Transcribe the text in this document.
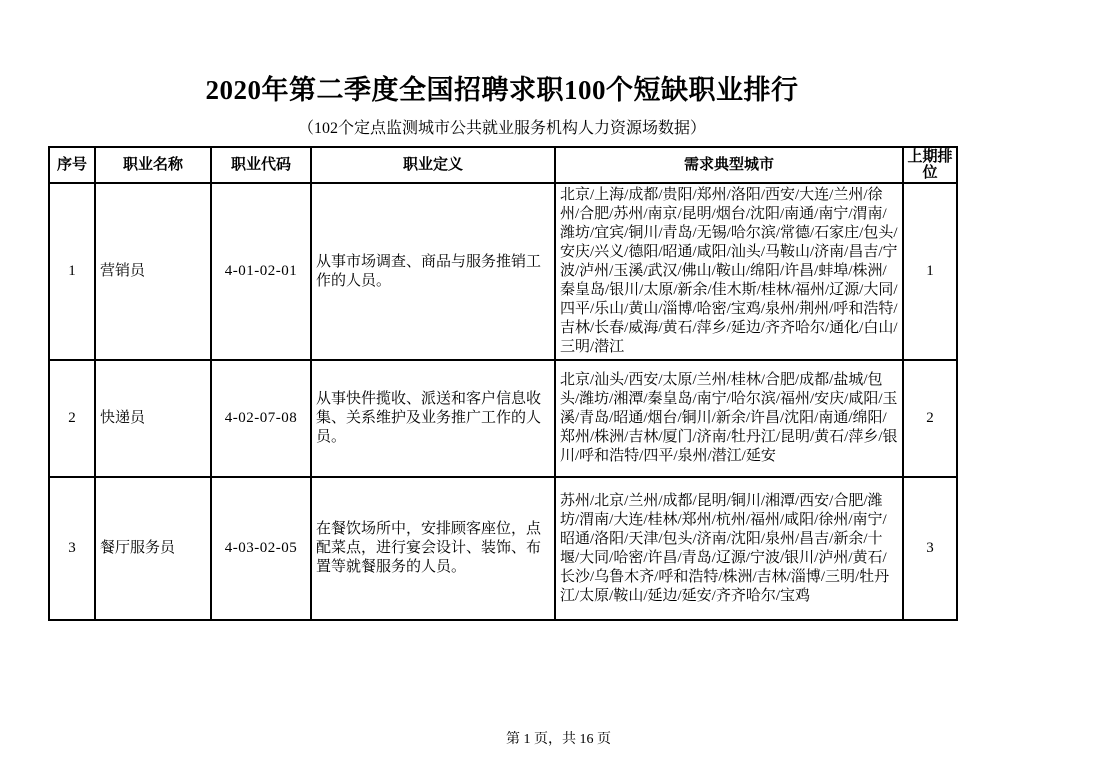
2020年第二季度全国招聘求职100个短缺职业排行
（102个定点监测城市公共就业服务机构人力资源场数据）
序号	职业名称	职业代码	职业定义	需求典型城市	上期排位
1	营销员	4-01-02-01	从事市场调查、商品与服务推销工作的人员。	北京/上海/成都/贵阳/郑州/洛阳/西安/大连/兰州/徐州/合肥/苏州/南京/昆明/烟台/沈阳/南通/南宁/渭南/潍坊/宜宾/铜川/青岛/无锡/哈尔滨/常德/石家庄/包头/安庆/兴义/德阳/昭通/咸阳/汕头/马鞍山/济南/昌吉/宁波/泸州/玉溪/武汉/佛山/鞍山/绵阳/许昌/蚌埠/株洲/秦皇岛/银川/太原/新余/佳木斯/桂林/福州/辽源/大同/四平/乐山/黄山/淄博/哈密/宝鸡/泉州/荆州/呼和浩特/吉林/长春/威海/黄石/萍乡/延边/齐齐哈尔/通化/白山/三明/潜江	1
2	快递员	4-02-07-08	从事快件揽收、派送和客户信息收集、关系维护及业务推广工作的人员。	北京/汕头/西安/太原/兰州/桂林/合肥/成都/盐城/包头/潍坊/湘潭/秦皇岛/南宁/哈尔滨/福州/安庆/咸阳/玉溪/青岛/昭通/烟台/铜川/新余/许昌/沈阳/南通/绵阳/郑州/株洲/吉林/厦门/济南/牡丹江/昆明/黄石/萍乡/银川/呼和浩特/四平/泉州/潜江/延安	2
3	餐厅服务员	4-03-02-05	在餐饮场所中，安排顾客座位，点配菜点，进行宴会设计、装饰、布置等就餐服务的人员。	苏州/北京/兰州/成都/昆明/铜川/湘潭/西安/合肥/潍坊/渭南/大连/桂林/郑州/杭州/福州/咸阳/徐州/南宁/昭通/洛阳/天津/包头/济南/沈阳/泉州/昌吉/新余/十堰/大同/哈密/许昌/青岛/辽源/宁波/银川/泸州/黄石/长沙/乌鲁木齐/呼和浩特/株洲/吉林/淄博/三明/牡丹江/太原/鞍山/延边/延安/齐齐哈尔/宝鸡	3
第 1 页，共 16 页
